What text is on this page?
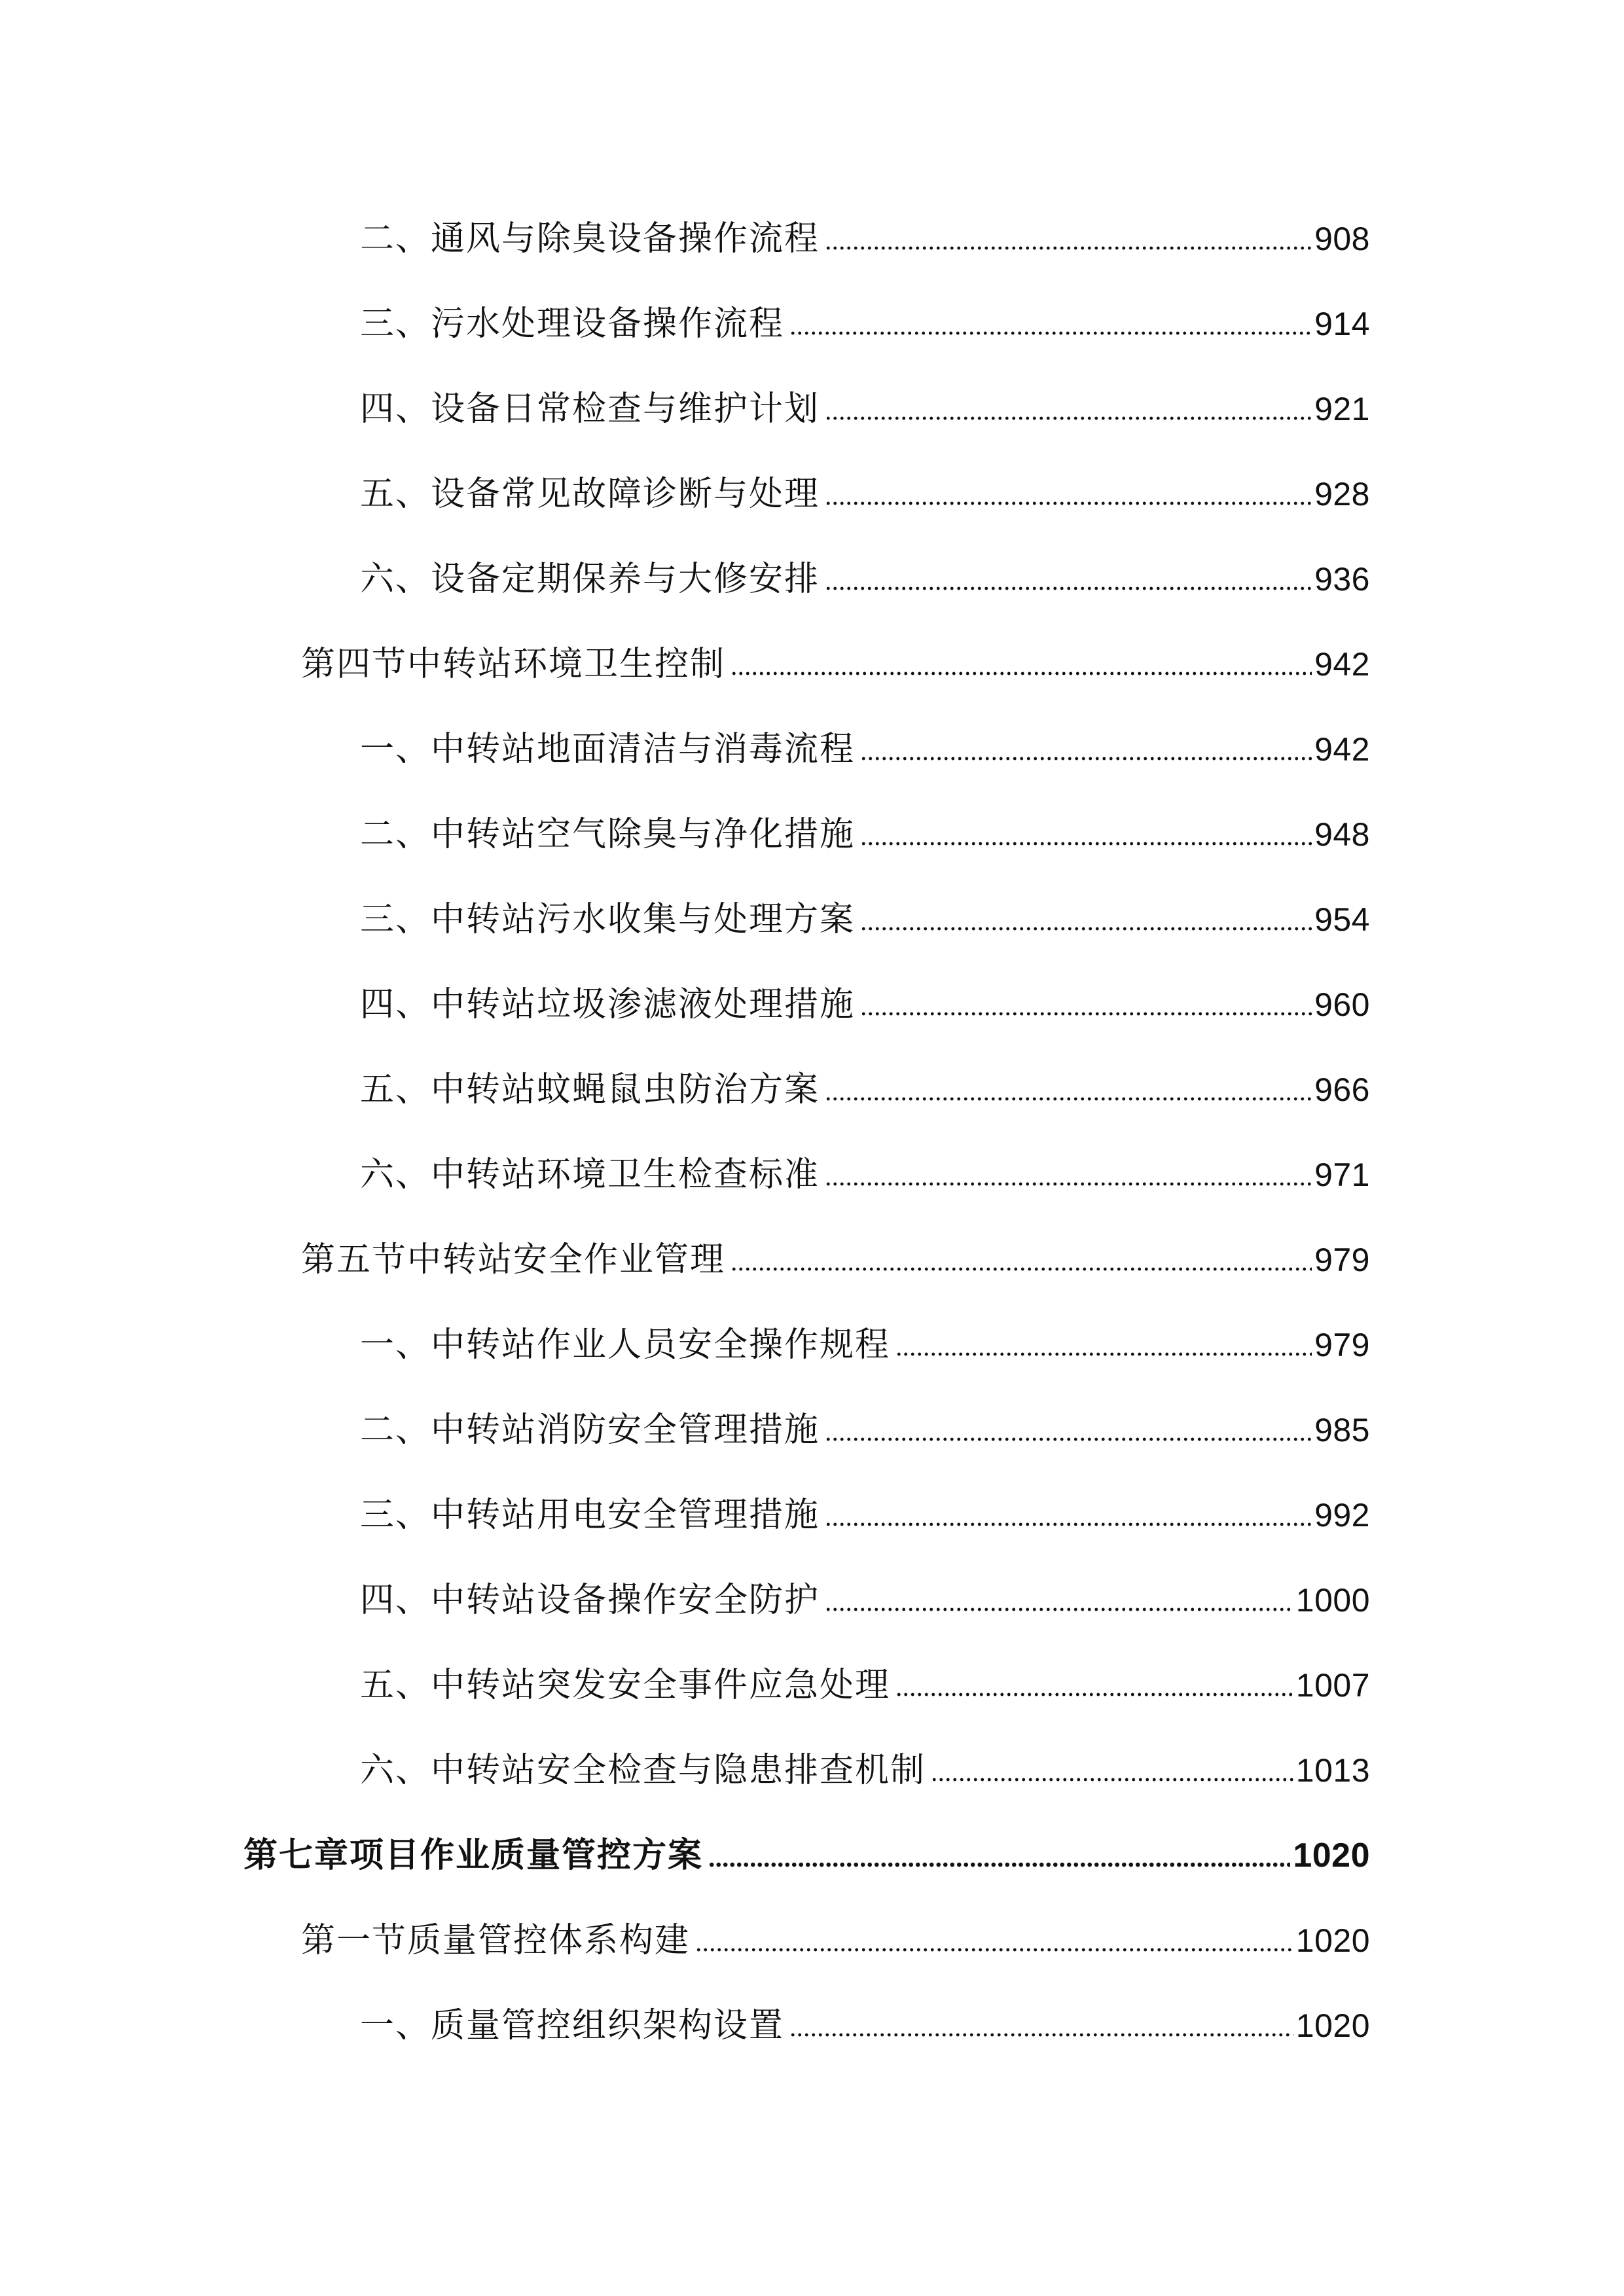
二、通风与除臭设备操作流程	908
三、污水处理设备操作流程	914
四、设备日常检查与维护计划	921
五、设备常见故障诊断与处理	928
六、设备定期保养与大修安排	936
第四节中转站环境卫生控制	942
一、中转站地面清洁与消毒流程	942
二、中转站空气除臭与净化措施	948
三、中转站污水收集与处理方案	954
四、中转站垃圾渗滤液处理措施	960
五、中转站蚊蝇鼠虫防治方案	966
六、中转站环境卫生检查标准	971
第五节中转站安全作业管理	979
一、中转站作业人员安全操作规程	979
二、中转站消防安全管理措施	985
三、中转站用电安全管理措施	992
四、中转站设备操作安全防护	1000
五、中转站突发安全事件应急处理	1007
六、中转站安全检查与隐患排查机制	1013
第七章项目作业质量管控方案	1020
第一节质量管控体系构建	1020
一、质量管控组织架构设置	1020
